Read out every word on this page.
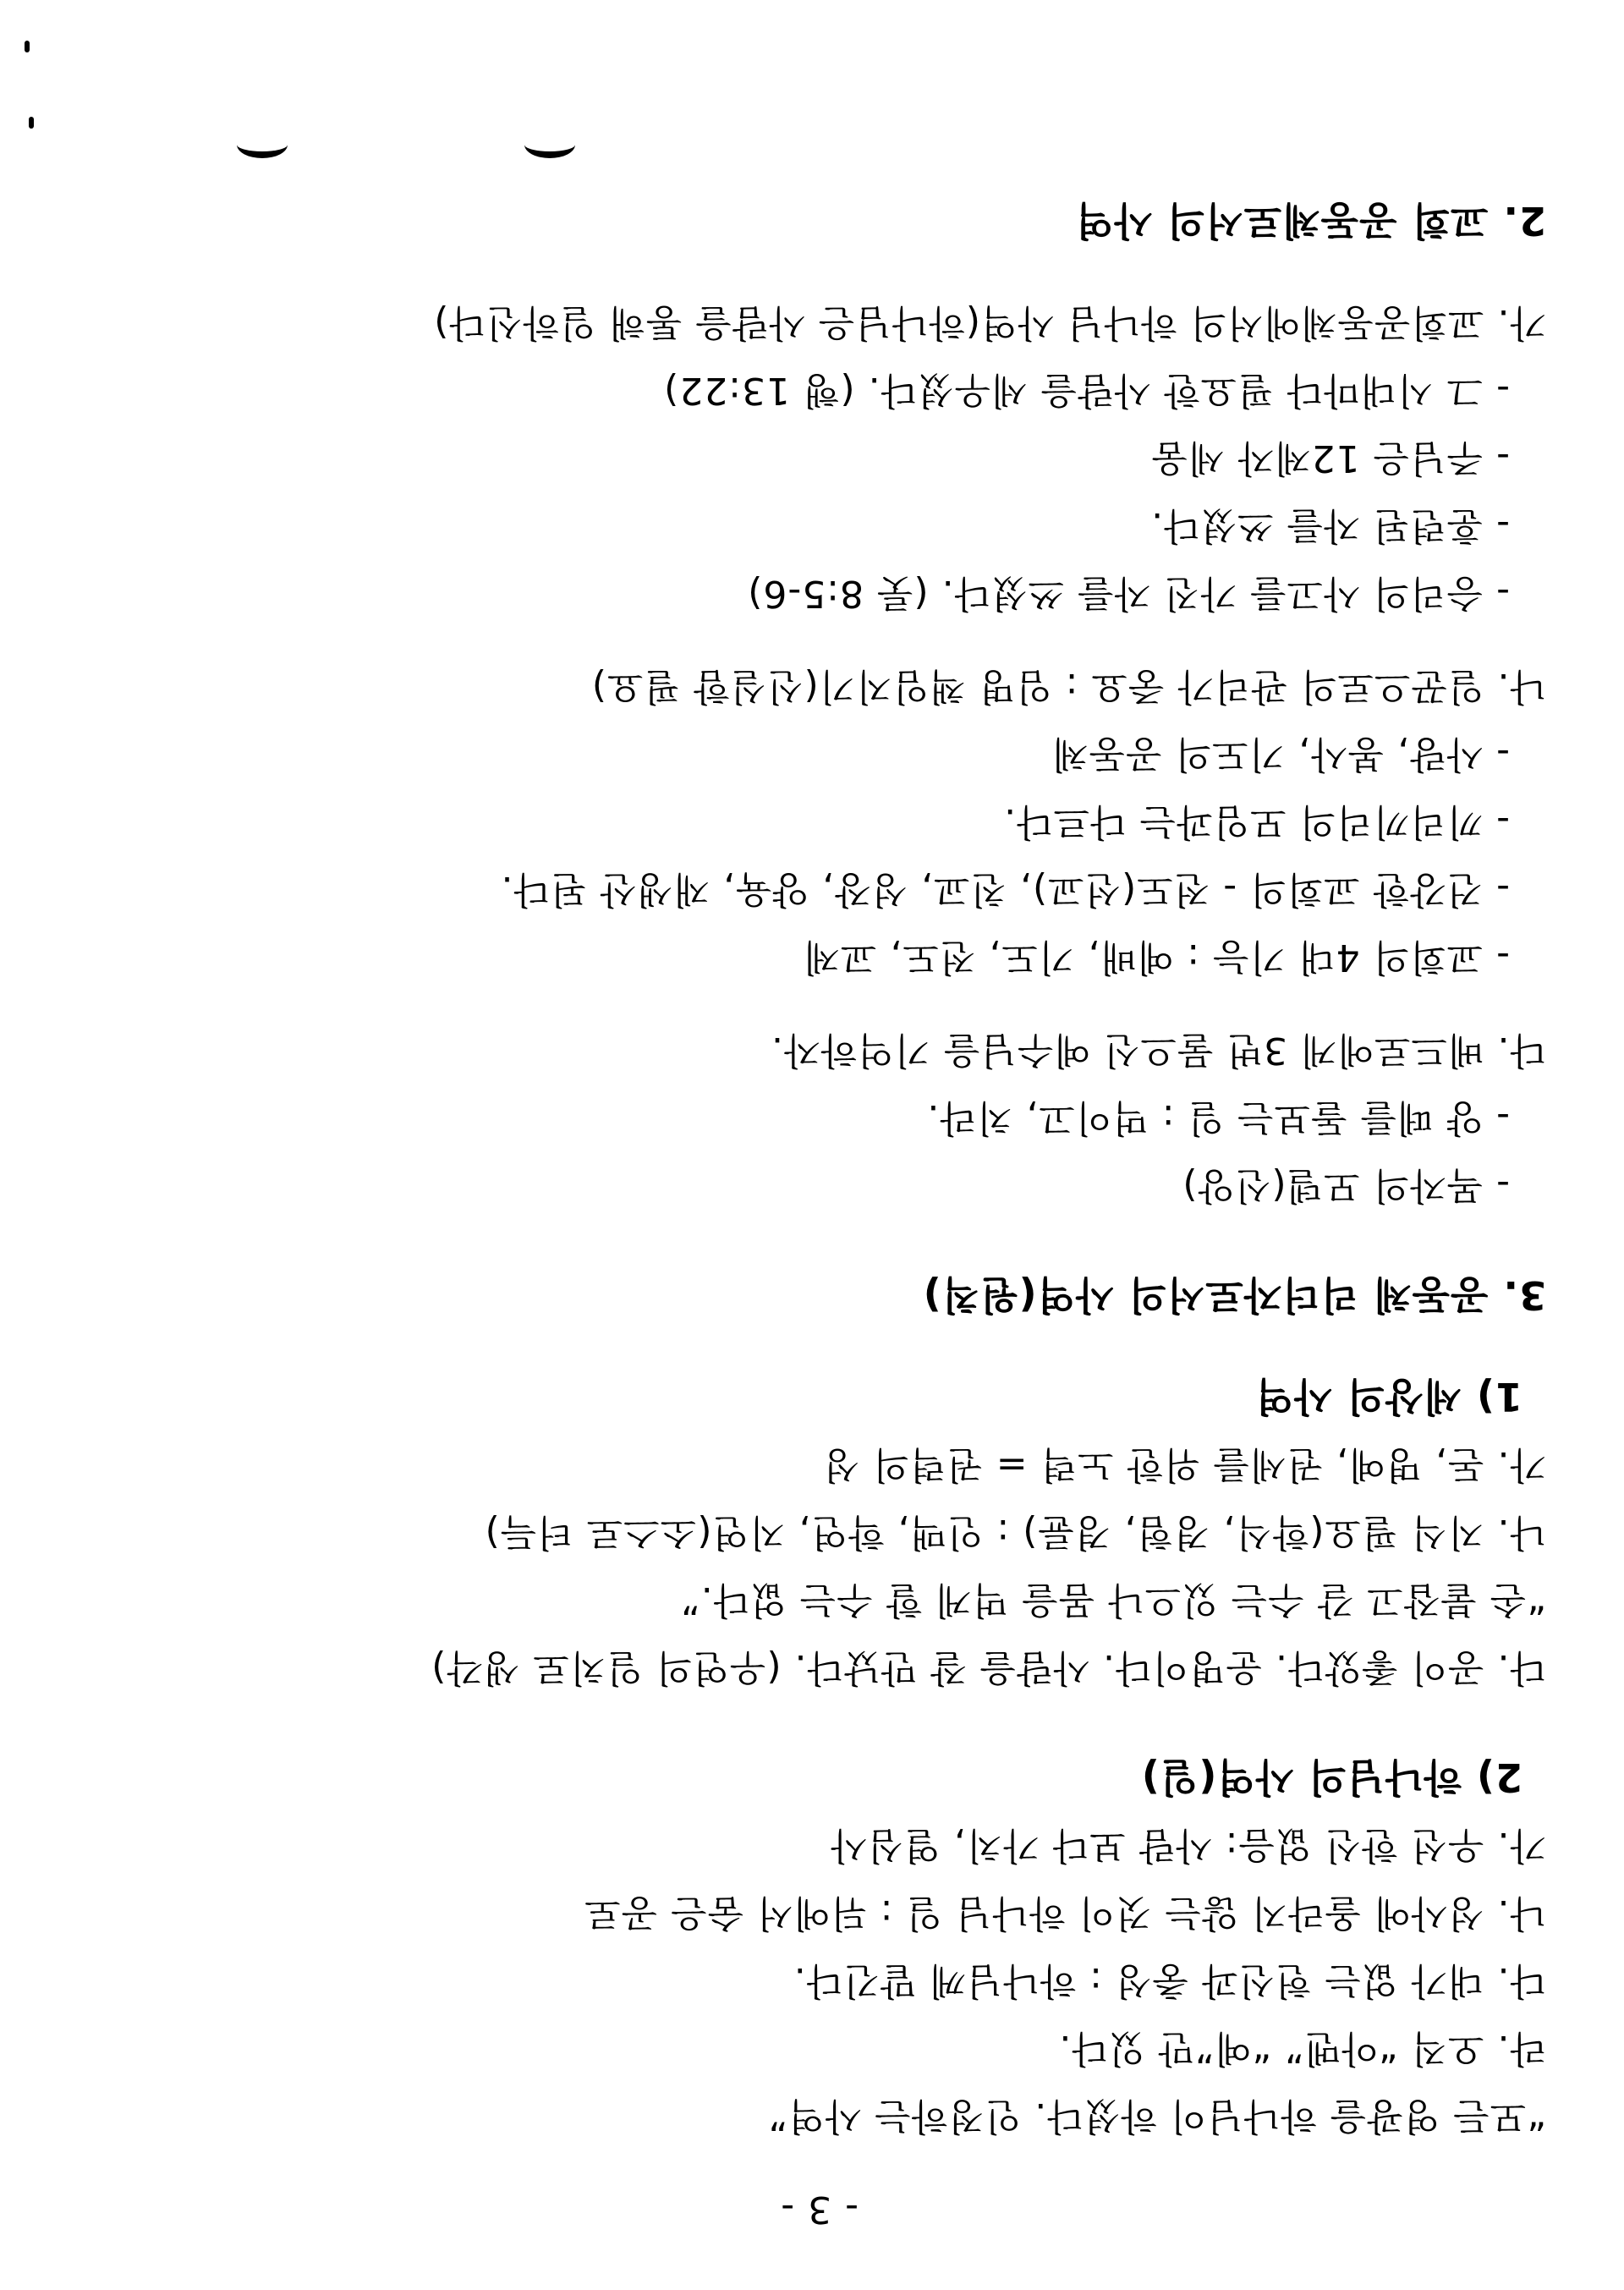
- 3 -
2. 교회 공동체로서의 사역
가. 교회공동체에서의 하나님 사역(하나님은 사람을 통해 일하신다)
- 그 시대마다 필요한 사람을 세우셨다. (행 13:22)
- 주님은 12제자 세움
- 훈련된 자를 쓰셨다.
- 승리의 사고를 가진 자를 쓰셨다. (룻 8:5-6)
나. 일꾼으로의 관리가 중요 : 임명 책임지기(신실함 필요)
- 사랑, 봉사, 기도의 공동체
- 끼리끼리의 모임과는 다르다.
- 건강한 교회의 - 전도(선교), 친교, 성장, 양육, 재생산 된다.
- 교회의 4대 기능 : 예배, 기도, 전도, 교제
다. 베드로에게 3번 물으신 예수님을 기억하자.
- 양 떼를 돌보는 일 : 먹이고, 치라.
- 목자의 모델(신앙)
3. 공동체 리더자로서의 사역(원칙)
1) 세상의 사역
가. 돈, 명예, 권세를 위한 노력 = 권력의 성
나. 지식 필요(학식, 경험, 경륜) : 인맥, 학연, 지연(소스로 터득)
“손 붙잡고 갈 수는 있으나 몸을 먹게 할 수는 없다.”
다. 공이 좋았다. 운명이다. 사람을 잘 만났다. (우연의 일치로 생각)
2) 하나님의 사역(일)
가. 우선 한신 없음: 사람 보다 가치, 열심사
나. 성사에 올라지 않는 것이 하나님 일 : 뒤에서 숨은 공로
다. 대가 없는 헌신과 충성 : 하나님께 맡긴다.
라. 오직 “아멘” “예”만 있다.
“모든 영광을 하나님이 하셨다. 인정하는 사역”
